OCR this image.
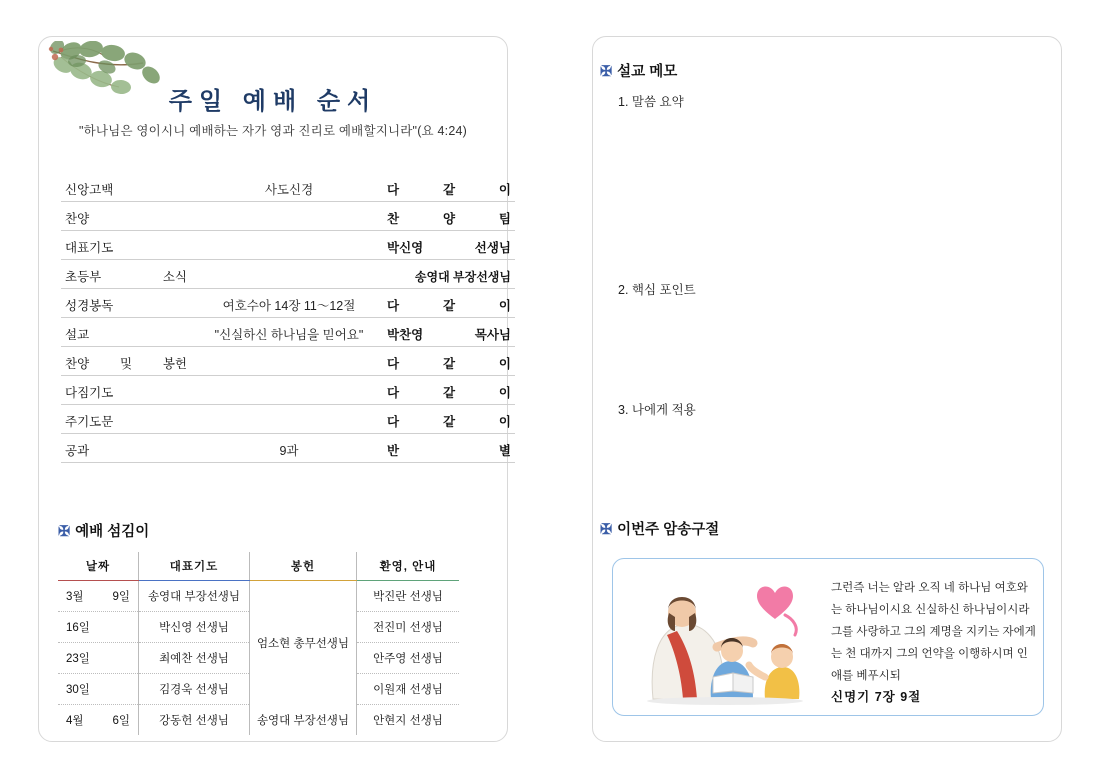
주일 예배 순서
"하나님은 영이시니 예배하는 자가 영과 진리로 예배할지니라"(요 4:24)
신앙고백	사도신경	다 같 이
찬양		찬 양 팀
대표기도		박신영 선생님
초등부 소식		송영대 부장선생님
성경봉독	여호수아 14장 11〜12절	다 같 이
설교	"신실하신 하나님을 믿어요"	박찬영 목사님
찬양 및 봉헌		다 같 이
다짐기도		다 같 이
주기도문		다 같 이
공과	9과	반 별
✠ 예배 섬김이
날짜	대표기도	봉헌	환영, 안내
3월 9일	송영대 부장선생님	엄소현 총무선생님	박진란 선생님
16일	박신영 선생님		전진미 선생님
23일	최예찬 선생님		안주영 선생님
30일	김경욱 선생님		이원재 선생님
4월 6일	강동헌 선생님	송영대 부장선생님	안현지 선생님
✠ 설교 메모
1. 말씀 요약
2. 핵심 포인트
3. 나에게 적용
✠ 이번주 암송구절
그런즉 너는 알라 오직 네 하나님 여호와는 하나님이시요 신실하신 하나님이시라 그를 사랑하고 그의 계명을 지키는 자에게는 천 대까지 그의 언약을 이행하시며 인애를 베푸시되
신명기 7장 9절
